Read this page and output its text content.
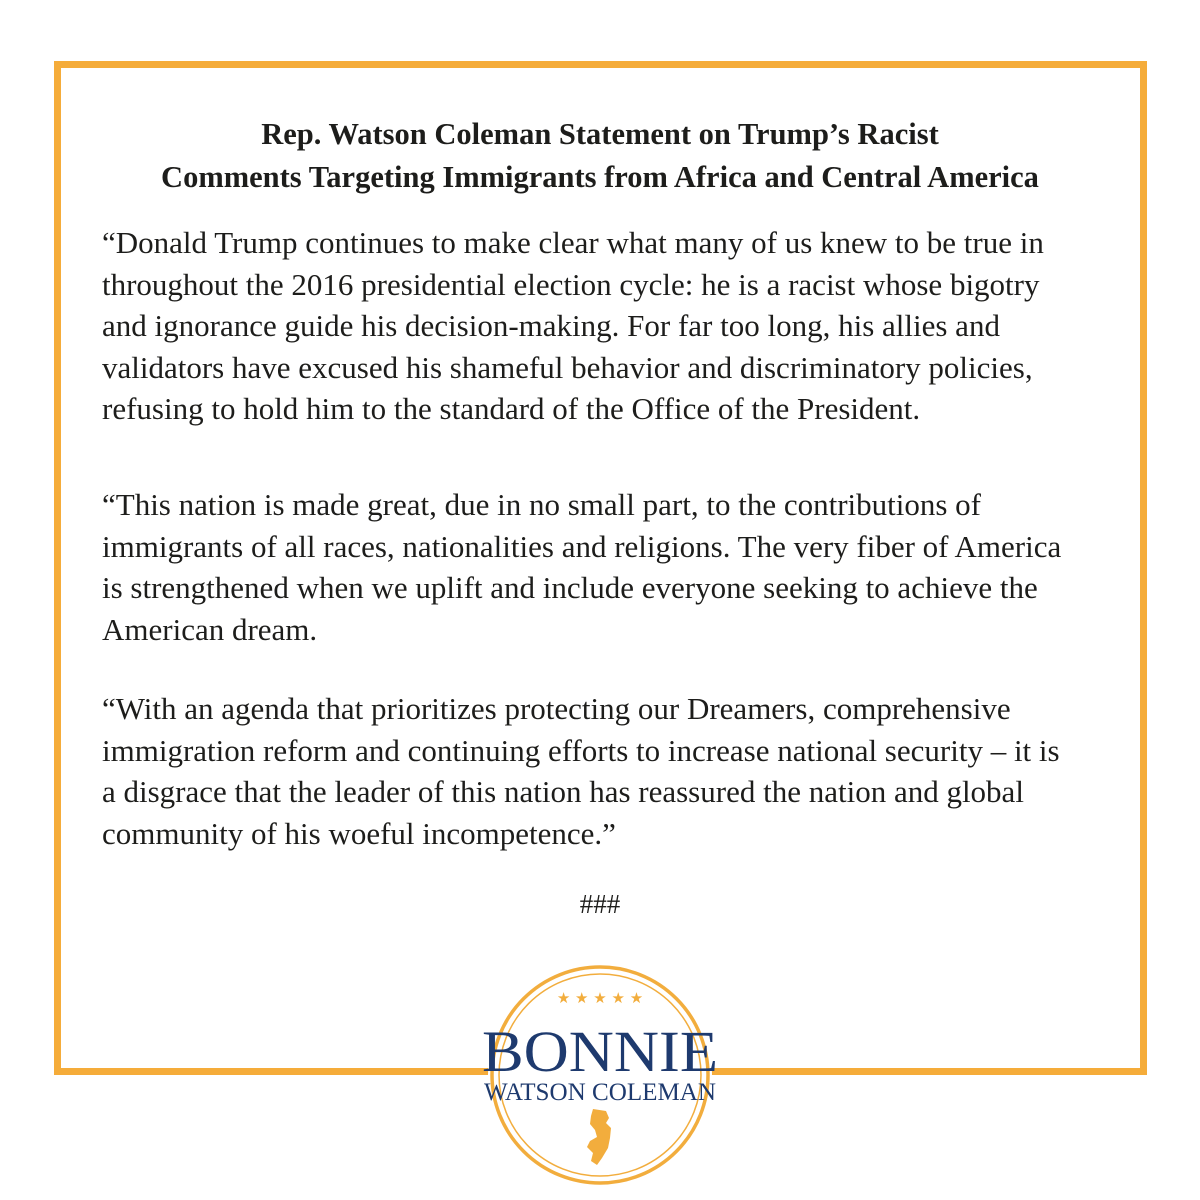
Rep. Watson Coleman Statement on Trump’s Racist
Comments Targeting Immigrants from Africa and Central America

“Donald Trump continues to make clear what many of us knew to be true in
throughout the 2016 presidential election cycle: he is a racist whose bigotry
and ignorance guide his decision-making. For far too long, his allies and
validators have excused his shameful behavior and discriminatory policies,
refusing to hold him to the standard of the Office of the President.

“This nation is made great, due in no small part, to the contributions of
immigrants of all races, nationalities and religions. The very fiber of America
is strengthened when we uplift and include everyone seeking to achieve the
American dream.

“With an agenda that prioritizes protecting our Dreamers, comprehensive
immigration reform and continuing efforts to increase national security – it is
a disgrace that the leader of this nation has reassured the nation and global
community of his woeful incompetence.”

###

★ ★ ★ ★ ★
BONNIE
WATSON COLEMAN
